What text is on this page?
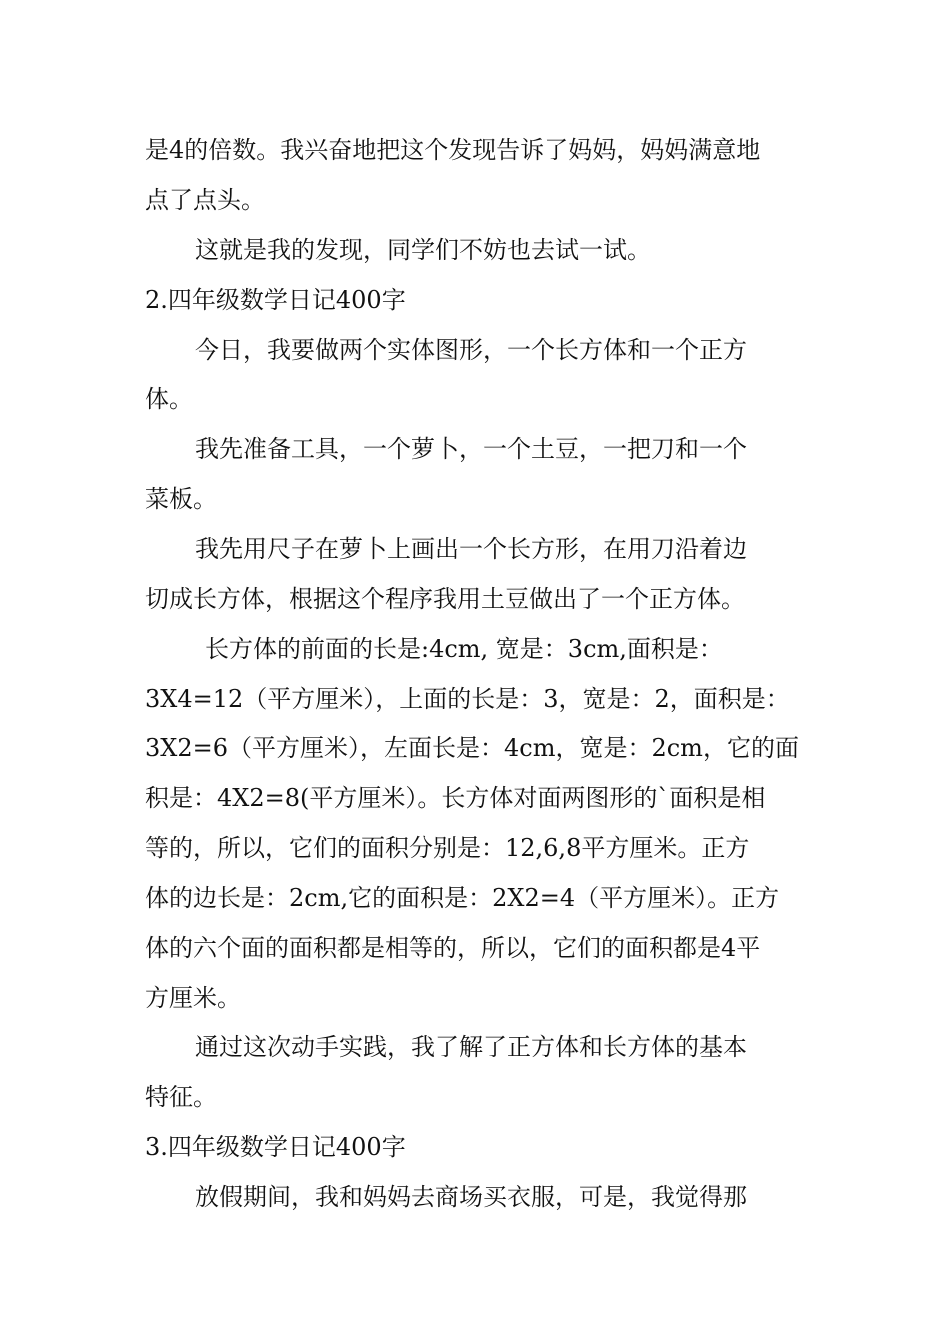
是4的倍数。我兴奋地把这个发现告诉了妈妈，妈妈满意地
点了点头。
这就是我的发现，同学们不妨也去试一试。
2.四年级数学日记400字
今日，我要做两个实体图形，一个长方体和一个正方
体。
我先准备工具，一个萝卜，一个土豆，一把刀和一个
菜板。
我先用尺子在萝卜上画出一个长方形，在用刀沿着边
切成长方体，根据这个程序我用土豆做出了一个正方体。
长方体的前面的长是:4cm, 宽是：3cm,面积是：
3X4=12（平方厘米），上面的长是：3，宽是：2，面积是：
3X2=6（平方厘米），左面长是：4cm，宽是：2cm，它的面
积是：4X2=8(平方厘米）。长方体对面两图形的`面积是相
等的，所以，它们的面积分别是：12,6,8平方厘米。正方
体的边长是：2cm,它的面积是：2X2=4（平方厘米）。正方
体的六个面的面积都是相等的，所以，它们的面积都是4平
方厘米。
通过这次动手实践，我了解了正方体和长方体的基本
特征。
3.四年级数学日记400字
放假期间，我和妈妈去商场买衣服，可是，我觉得那
